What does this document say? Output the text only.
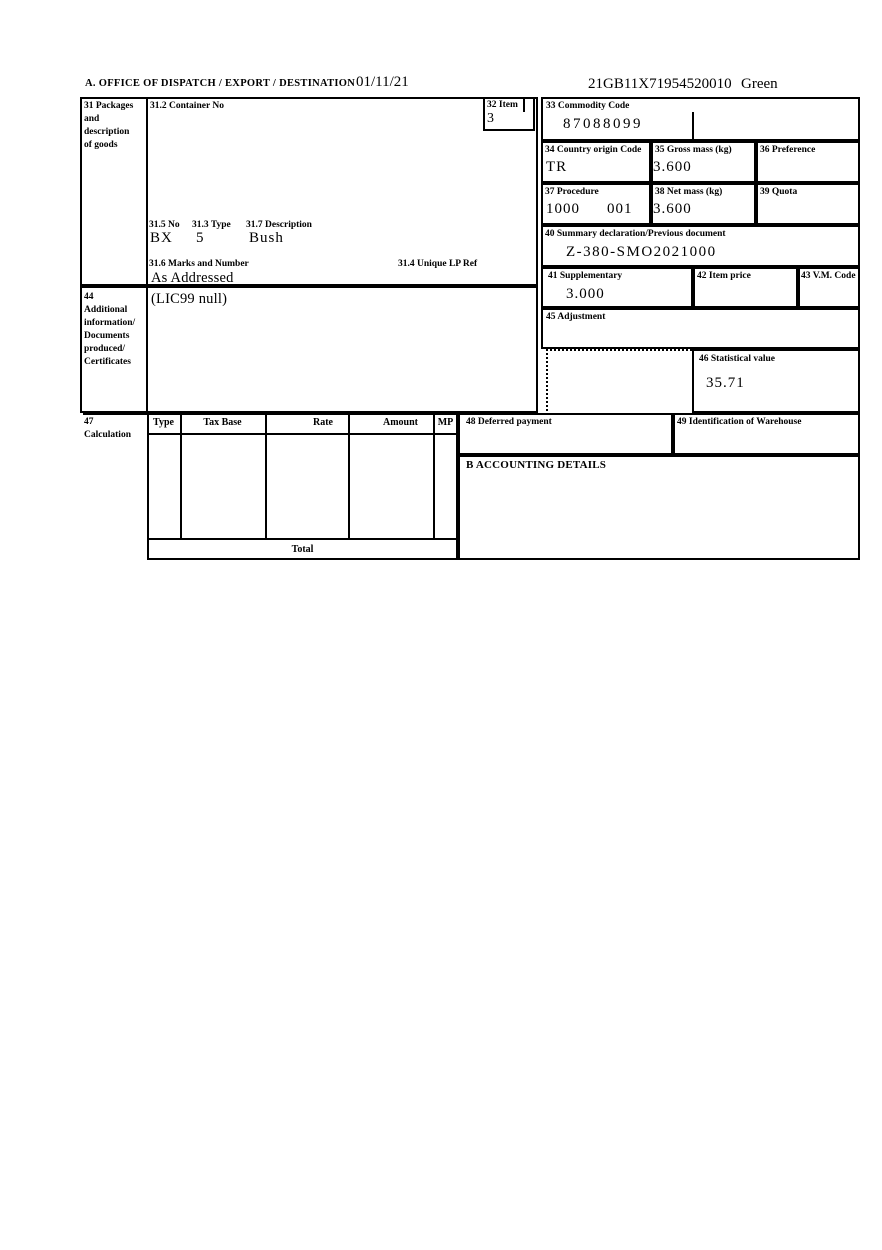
A. OFFICE OF DISPATCH / EXPORT / DESTINATION 01/11/21	21GB11X71954520010 Green
31 Packages
and
description
of goods
44
Additional
information/
Documents
produced/
Certificates
31.2 Container No
31.5 No 31.3 Type 31.7 Description
BX 5	Bush
31.6 Marks and Number	31.4 Unique LP Ref
As Addressed
32 Item
3
33 Commodity Code
87088099
34 Country origin Code
TR
35 Gross mass (kg)
3.600
36 Preference
37 Procedure
1000 001
38 Net mass (kg)
3.600
39 Quota
40 Summary declaration/Previous document
Z-380-SMO2021000
41 Supplementary
3.000
42 Item price	43 V.M. Code
(LIC99 null)
45 Adjustment
46 Statistical value
35.71
47
Calculation
Type	Tax Base	Rate	Amount	MP
Total
48 Deferred payment	49 Identification of Warehouse
B ACCOUNTING DETAILS
